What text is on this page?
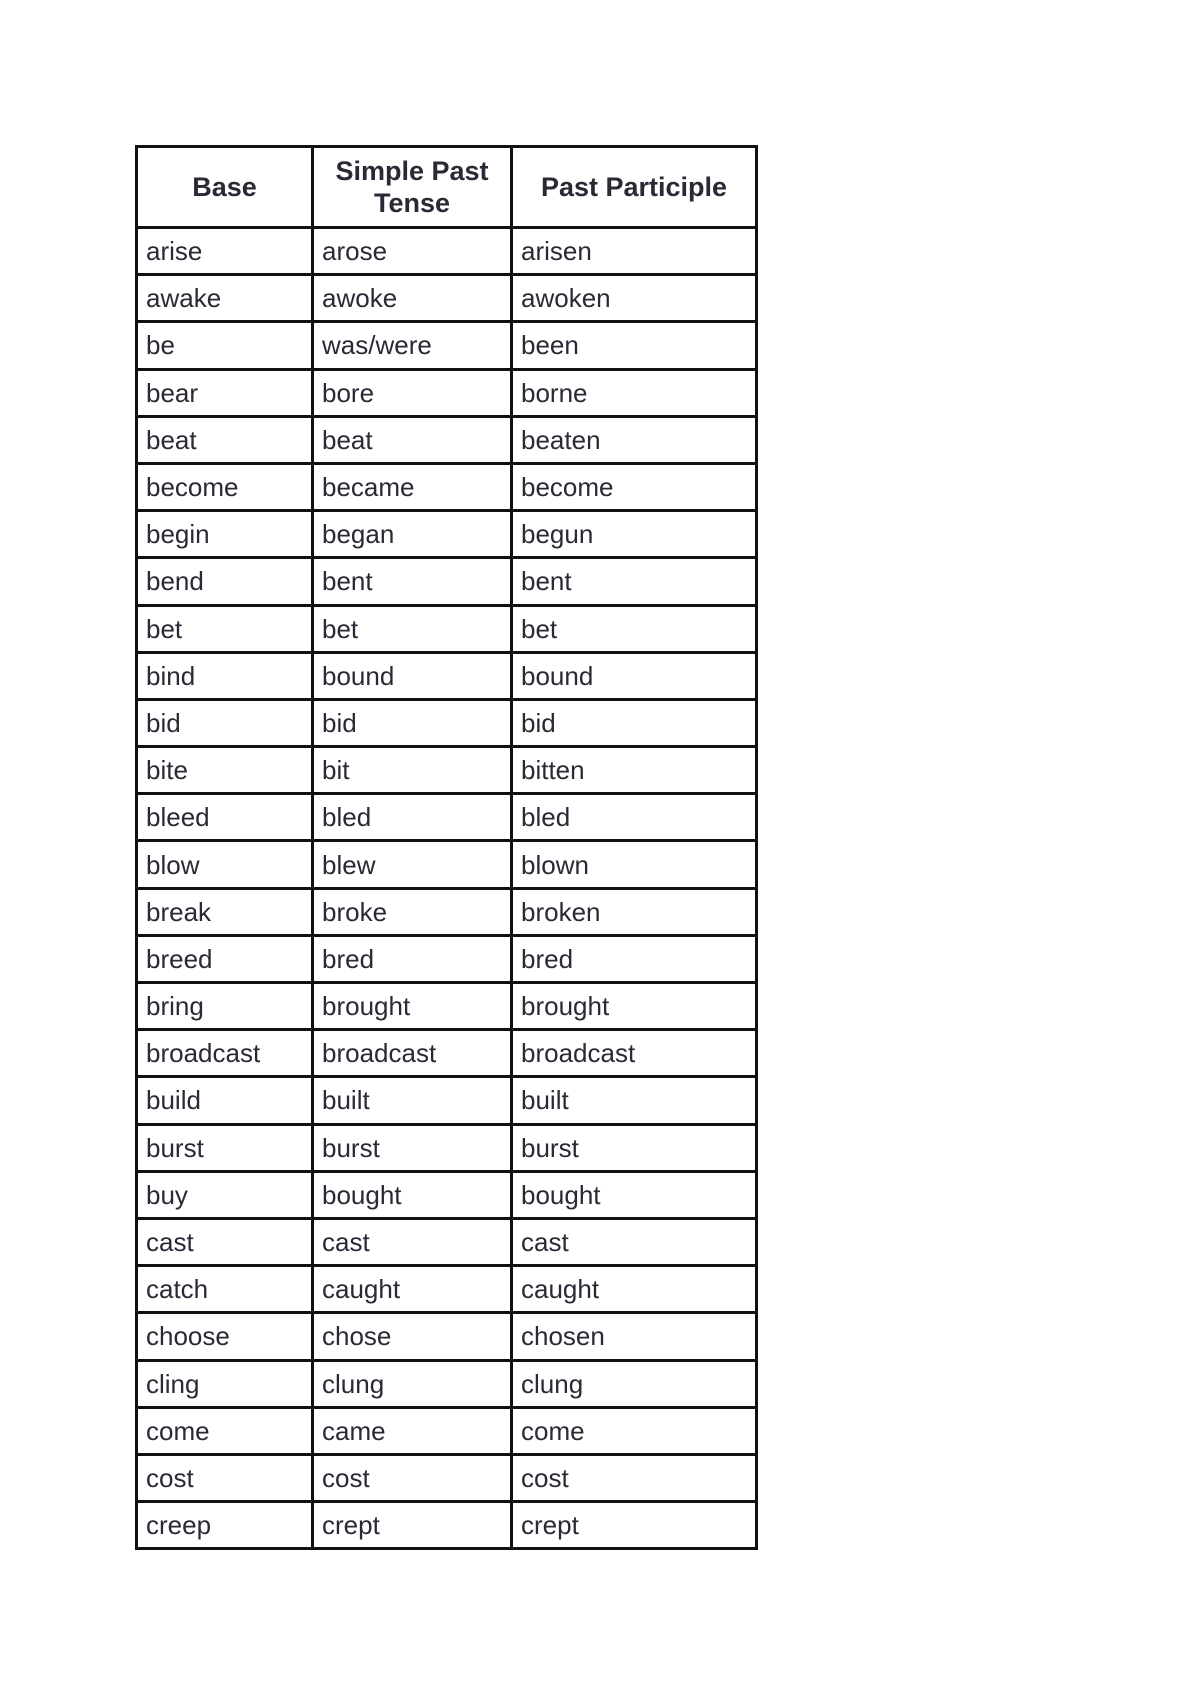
Base	Simple Past Tense	Past Participle
arise	arose	arisen
awake	awoke	awoken
be	was/were	been
bear	bore	borne
beat	beat	beaten
become	became	become
begin	began	begun
bend	bent	bent
bet	bet	bet
bind	bound	bound
bid	bid	bid
bite	bit	bitten
bleed	bled	bled
blow	blew	blown
break	broke	broken
breed	bred	bred
bring	brought	brought
broadcast	broadcast	broadcast
build	built	built
burst	burst	burst
buy	bought	bought
cast	cast	cast
catch	caught	caught
choose	chose	chosen
cling	clung	clung
come	came	come
cost	cost	cost
creep	crept	crept
